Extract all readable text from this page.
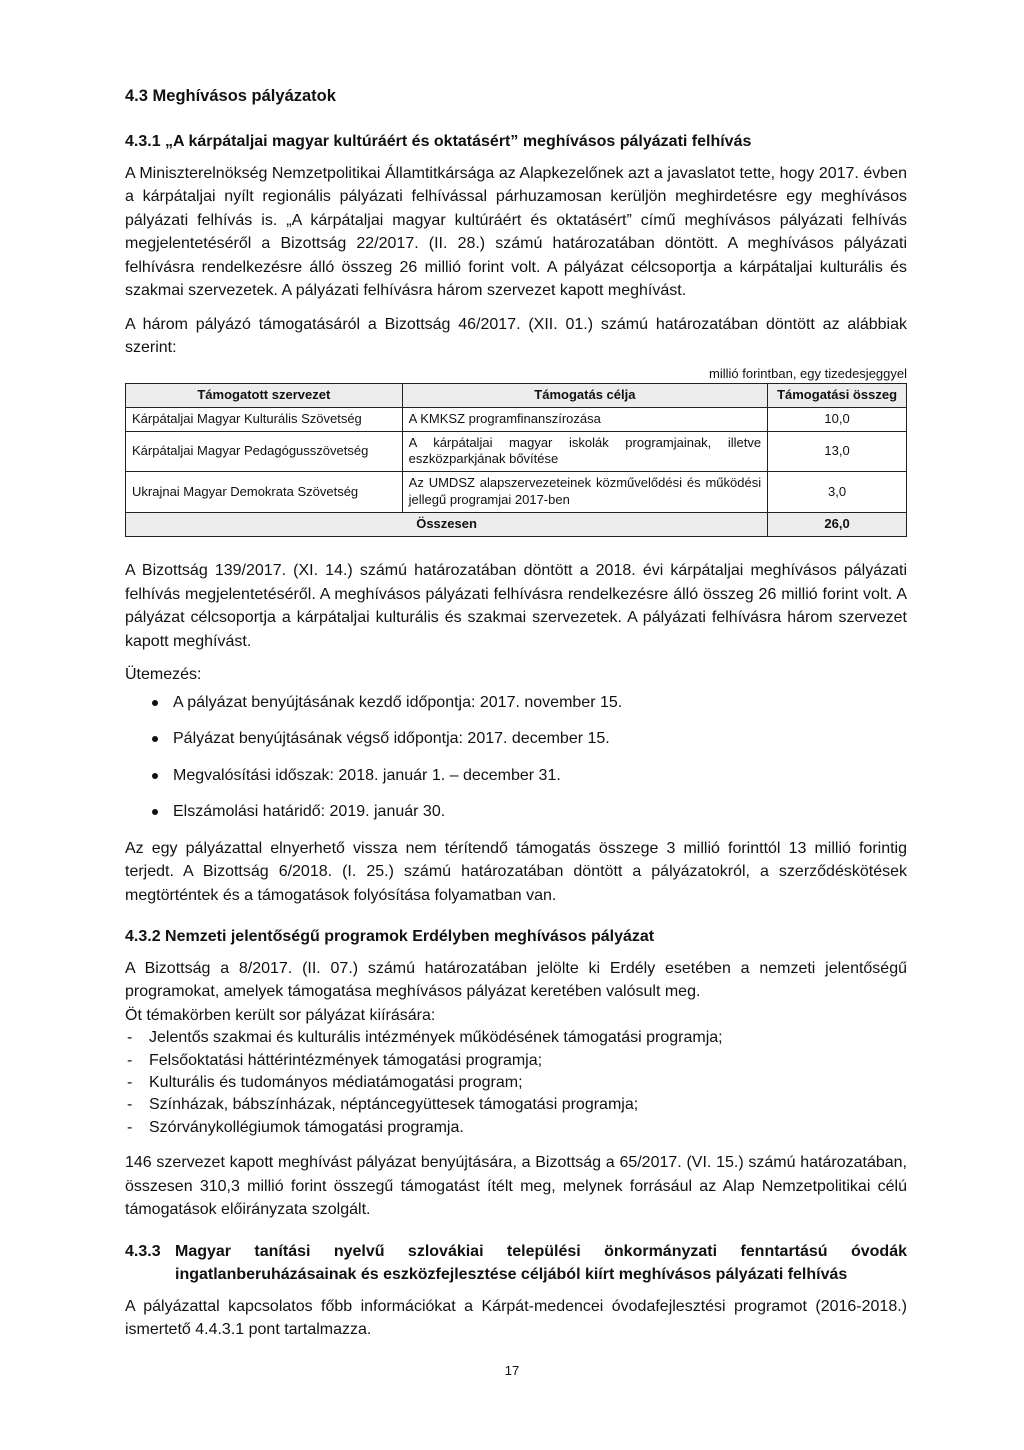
4.3 Meghívásos pályázatok
4.3.1 „A kárpátaljai magyar kultúráért és oktatásért” meghívásos pályázati felhívás

A Miniszterelnökség Nemzetpolitikai Államtitkársága az Alapkezelőnek azt a javaslatot tette, hogy 2017. évben a kárpátaljai nyílt regionális pályázati felhívással párhuzamosan kerüljön meghirdetésre egy meghívásos pályázati felhívás is. „A kárpátaljai magyar kultúráért és oktatásért” című meghívásos pályázati felhívás megjelentetéséről a Bizottság 22/2017. (II. 28.) számú határozatában döntött. A meghívásos pályázati felhívásra rendelkezésre álló összeg 26 millió forint volt. A pályázat célcsoportja a kárpátaljai kulturális és szakmai szervezetek. A pályázati felhívásra három szervezet kapott meghívást.

A három pályázó támogatásáról a Bizottság 46/2017. (XII. 01.) számú határozatában döntött az alábbiak szerint:

millió forintban, egy tizedesjeggyel
Támogatott szervezet	Támogatás célja	Támogatási összeg
Kárpátaljai Magyar Kulturális Szövetség	A KMKSZ programfinanszírozása	10,0
Kárpátaljai Magyar Pedagógusszövetség	A kárpátaljai magyar iskolák programjainak, illetve eszközparkjának bővítése	13,0
Ukrajnai Magyar Demokrata Szövetség	Az UMDSZ alapszervezeteinek közművelődési és működési jellegű programjai 2017-ben	3,0
Összesen		26,0

A Bizottság 139/2017. (XI. 14.) számú határozatában döntött a 2018. évi kárpátaljai meghívásos pályázati felhívás megjelentetéséről. A meghívásos pályázati felhívásra rendelkezésre álló összeg 26 millió forint volt. A pályázat célcsoportja a kárpátaljai kulturális és szakmai szervezetek. A pályázati felhívásra három szervezet kapott meghívást.

Ütemezés:

A pályázat benyújtásának kezdő időpontja: 2017. november 15.
Pályázat benyújtásának végső időpontja: 2017. december 15.
Megvalósítási időszak: 2018. január 1. – december 31.
Elszámolási határidő: 2019. január 30.

Az egy pályázattal elnyerhető vissza nem térítendő támogatás összege 3 millió forinttól 13 millió forintig terjedt. A Bizottság 6/2018. (I. 25.) számú határozatában döntött a pályázatokról, a szerződéskötések megtörténtek és a támogatások folyósítása folyamatban van.

4.3.2 Nemzeti jelentőségű programok Erdélyben meghívásos pályázat

A Bizottság a 8/2017. (II. 07.) számú határozatában jelölte ki Erdély esetében a nemzeti jelentőségű programokat, amelyek támogatása meghívásos pályázat keretében valósult meg.

Öt témakörben került sor pályázat kiírására:

- Jelentős szakmai és kulturális intézmények működésének támogatási programja;
- Felsőoktatási háttérintézmények támogatási programja;
- Kulturális és tudományos médiatámogatási program;
- Színházak, bábszínházak, néptáncegyüttesek támogatási programja;
- Szórványkollégiumok támogatási programja.

146 szervezet kapott meghívást pályázat benyújtására, a Bizottság a 65/2017. (VI. 15.) számú határozatában, összesen 310,3 millió forint összegű támogatást ítélt meg, melynek forrásául az Alap Nemzetpolitikai célú támogatások előirányzata szolgált.

4.3.3 Magyar tanítási nyelvű szlovákiai települési önkormányzati fenntartású óvodák ingatlanberuházásainak és eszközfejlesztése céljából kiírt meghívásos pályázati felhívás

A pályázattal kapcsolatos főbb információkat a Kárpát-medencei óvodafejlesztési programot (2016-2018.) ismertető 4.4.3.1 pont tartalmazza.

17
